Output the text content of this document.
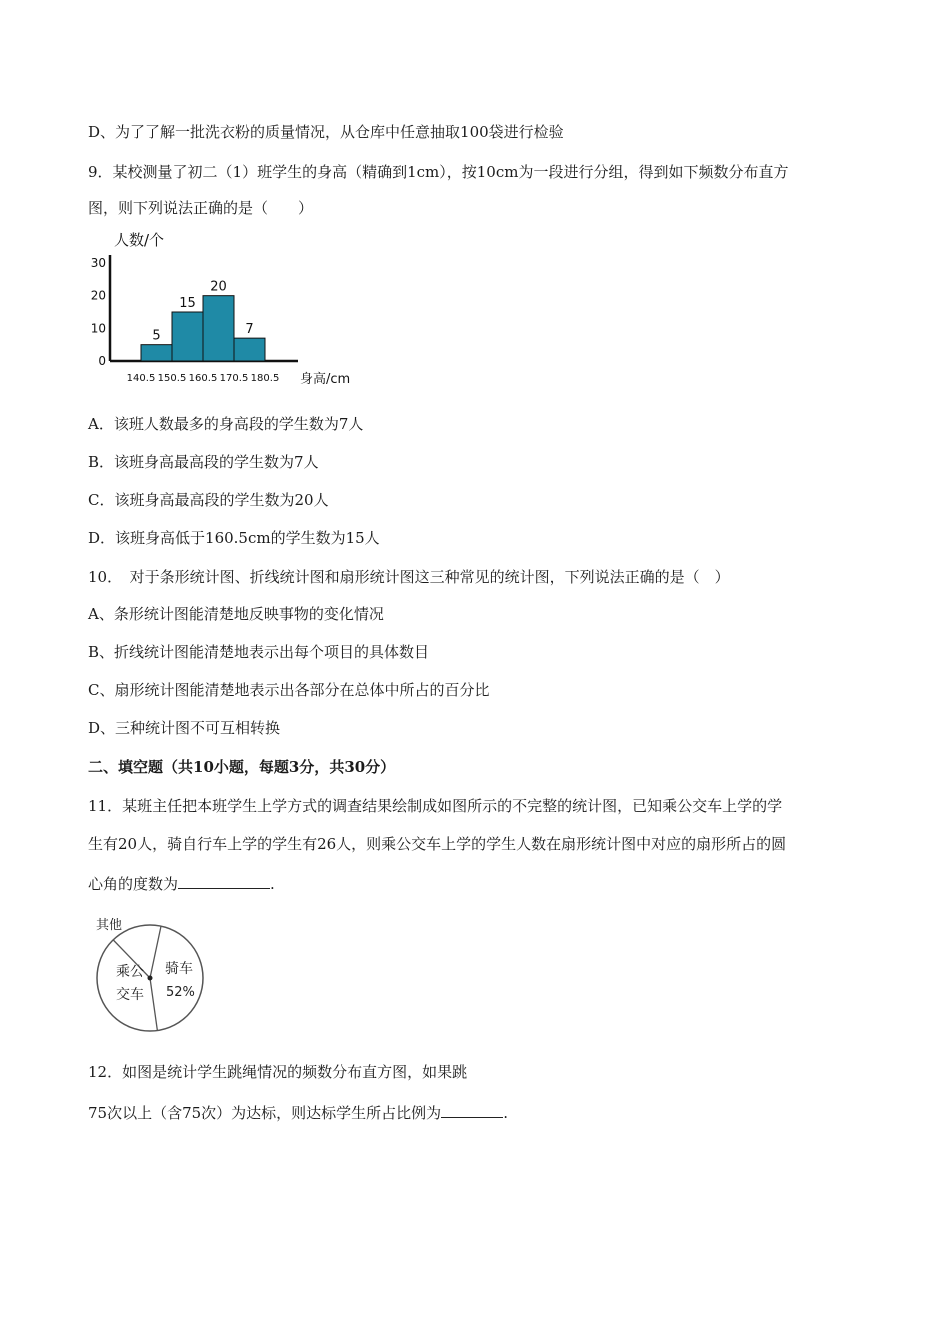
D、为了了解一批洗衣粉的质量情况，从仓库中任意抽取100袋进行检验
9．某校测量了初二（1）班学生的身高（精确到1cm），按10cm为一段进行分组，得到如下频数分布直方
图，则下列说法正确的是（　　）
0
10
20
30
5
15
20
7
140.5 150.5 160.5 170.5 180.5
人数/个
身高/cm
A．该班人数最多的身高段的学生数为7人
B．该班身高最高段的学生数为7人
C．该班身高最高段的学生数为20人
D．该班身高低于160.5cm的学生数为15人
10．　对于条形统计图、折线统计图和扇形统计图这三种常见的统计图，下列说法正确的是（　）
A、条形统计图能清楚地反映事物的变化情况
B、折线统计图能清楚地表示出每个项目的具体数目
C、扇形统计图能清楚地表示出各部分在总体中所占的百分比
D、三种统计图不可互相转换
二、填空题（共10小题，每题3分，共30分）
11．某班主任把本班学生上学方式的调查结果绘制成如图所示的不完整的统计图，已知乘公交车上学的学
生有20人，骑自行车上学的学生有26人，则乘公交车上学的学生人数在扇形统计图中对应的扇形所占的圆
心角的度数为	.
骑车
52%
乘公
交车
其他
12．如图是统计学生跳绳情况的频数分布直方图，如果跳
75次以上（含75次）为达标，则达标学生所占比例为	.
